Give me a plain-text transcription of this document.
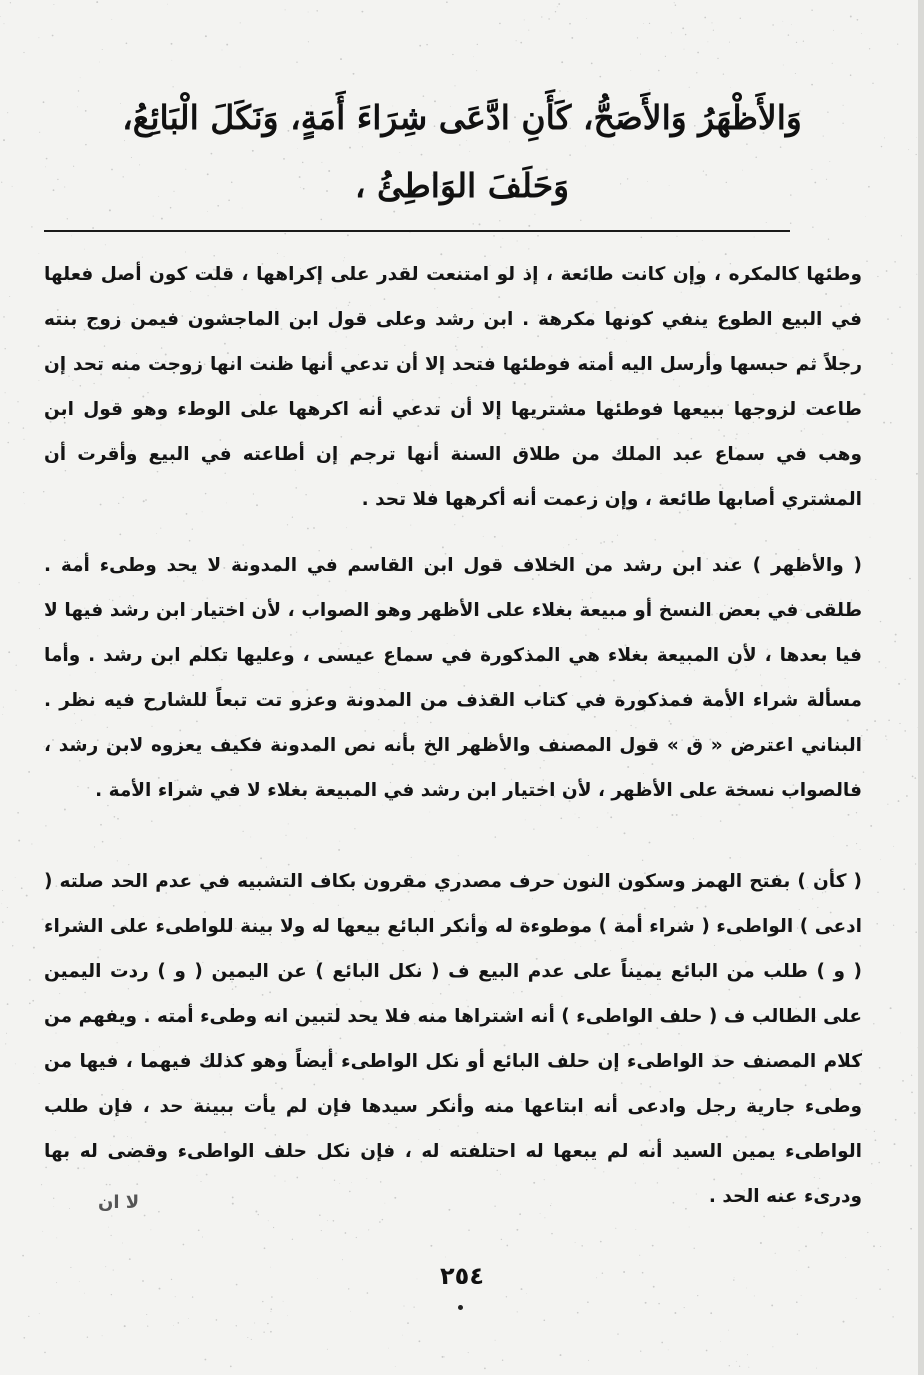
وَالأَظْهَرُ وَالأَصَحُّ، كَأَنِ ادَّعَى شِرَاءَ أَمَةٍ، وَنَكَلَ الْبَائِعُ،
وَحَلَفَ الوَاطِئُ ،

وطئها كالمكره ، وإن كانت طائعة ، إذ لو امتنعت لقدر على إكراهها ، قلت كون أصل فعلها في البيع الطوع ينفي كونها مكرهة . ابن رشد وعلى قول ابن الماجشون فيمن زوج بنته رجلاً ثم حبسها وأرسل اليه أمته فوطئها فتحد إلا أن تدعي أنها ظنت انها زوجت منه تحد إن طاعت لزوجها ببيعها فوطئها مشتريها إلا أن تدعي أنه اكرهها على الوطء وهو قول ابن وهب في سماع عبد الملك من طلاق السنة أنها ترجم إن أطاعته في البيع وأقرت أن المشتري أصابها طائعة ، وإن زعمت أنه أكرهها فلا تحد .

( والأظهر ) عند ابن رشد من الخلاف قول ابن القاسم في المدونة لا يحد وطىء أمة . طلقى في بعض النسخ أو مبيعة بغلاء على الأظهر وهو الصواب ، لأن اختيار ابن رشد فيها لا فيا بعدها ، لأن المبيعة بغلاء هي المذكورة في سماع عيسى ، وعليها تكلم ابن رشد . وأما مسألة شراء الأمة فمذكورة في كتاب القذف من المدونة وعزو تت تبعاً للشارح فيه نظر . البناني اعترض « ق » قول المصنف والأظهر الخ بأنه نص المدونة فكيف يعزوه لابن رشد ، فالصواب نسخة على الأظهر ، لأن اختيار ابن رشد في المبيعة بغلاء لا في شراء الأمة .

( كأن ) بفتح الهمز وسكون النون حرف مصدري مقرون بكاف التشبيه في عدم الحد صلته ( ادعى ) الواطىء ( شراء أمة ) موطوءة له وأنكر البائع بيعها له ولا بينة للواطىء على الشراء ( و ) طلب من البائع يميناً على عدم البيع ف ( نكل البائع ) عن اليمين ( و ) ردت اليمين على الطالب ف ( حلف الواطىء ) أنه اشتراها منه فلا يحد لتبين انه وطىء أمته . ويفهم من كلام المصنف حد الواطىء إن حلف البائع أو نكل الواطىء أيضاً وهو كذلك فيهما ، فيها من وطىء جارية رجل وادعى أنه ابتاعها منه وأنكر سيدها فإن لم يأت ببينة حد ، فإن طلب الواطىء يمين السيد أنه لم يبعها له احتلفته له ، فإن نكل حلف الواطىء وقضى له بها ودرىء عنه الحد .

لا ان
٢٥٤
